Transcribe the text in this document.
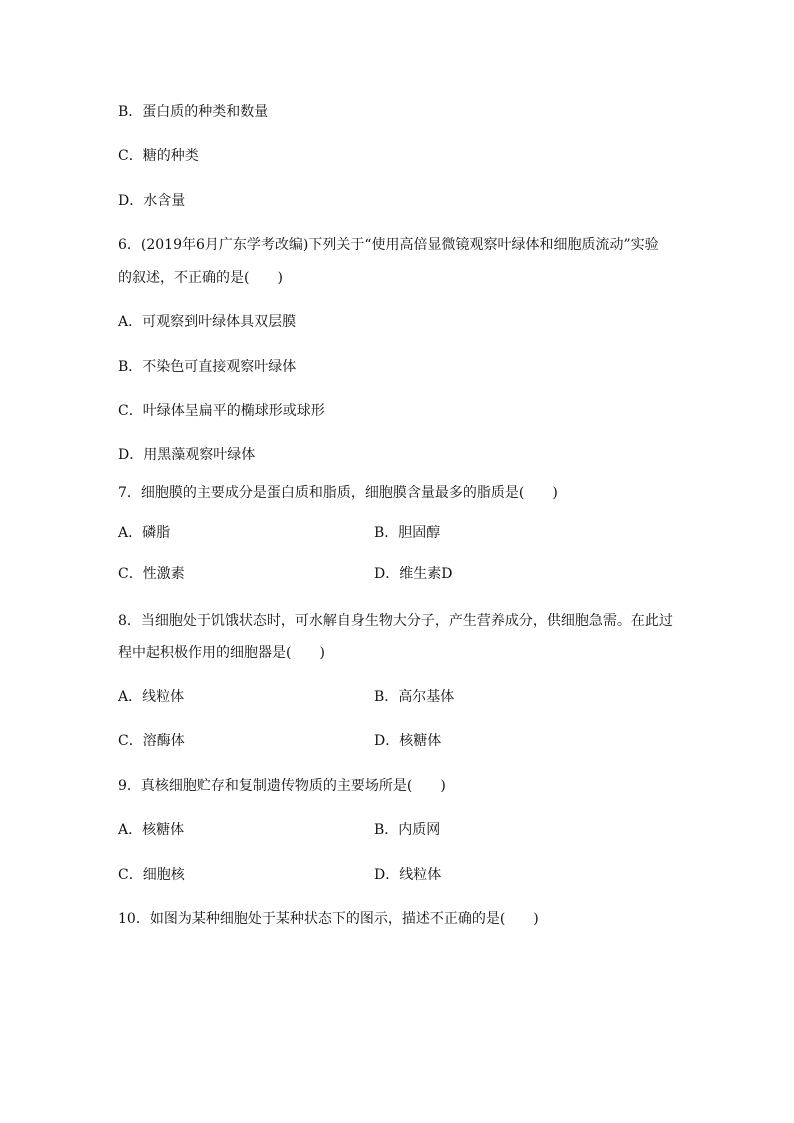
B．蛋白质的种类和数量
C．糖的种类
D．水含量
6．(2019年6月广东学考改编)下列关于“使用高倍显微镜观察叶绿体和细胞质流动”实验
的叙述，不正确的是(　　)
A．可观察到叶绿体具双层膜
B．不染色可直接观察叶绿体
C．叶绿体呈扁平的椭球形或球形
D．用黑藻观察叶绿体
7．细胞膜的主要成分是蛋白质和脂质，细胞膜含量最多的脂质是(　　)
A．磷脂	B．胆固醇
C．性激素	D．维生素D
8．当细胞处于饥饿状态时，可水解自身生物大分子，产生营养成分，供细胞急需。在此过
程中起积极作用的细胞器是(　　)
A．线粒体	B．高尔基体
C．溶酶体	D．核糖体
9．真核细胞贮存和复制遗传物质的主要场所是(　　)
A．核糖体	B．内质网
C．细胞核	D．线粒体
10．如图为某种细胞处于某种状态下的图示，描述不正确的是(　　)
